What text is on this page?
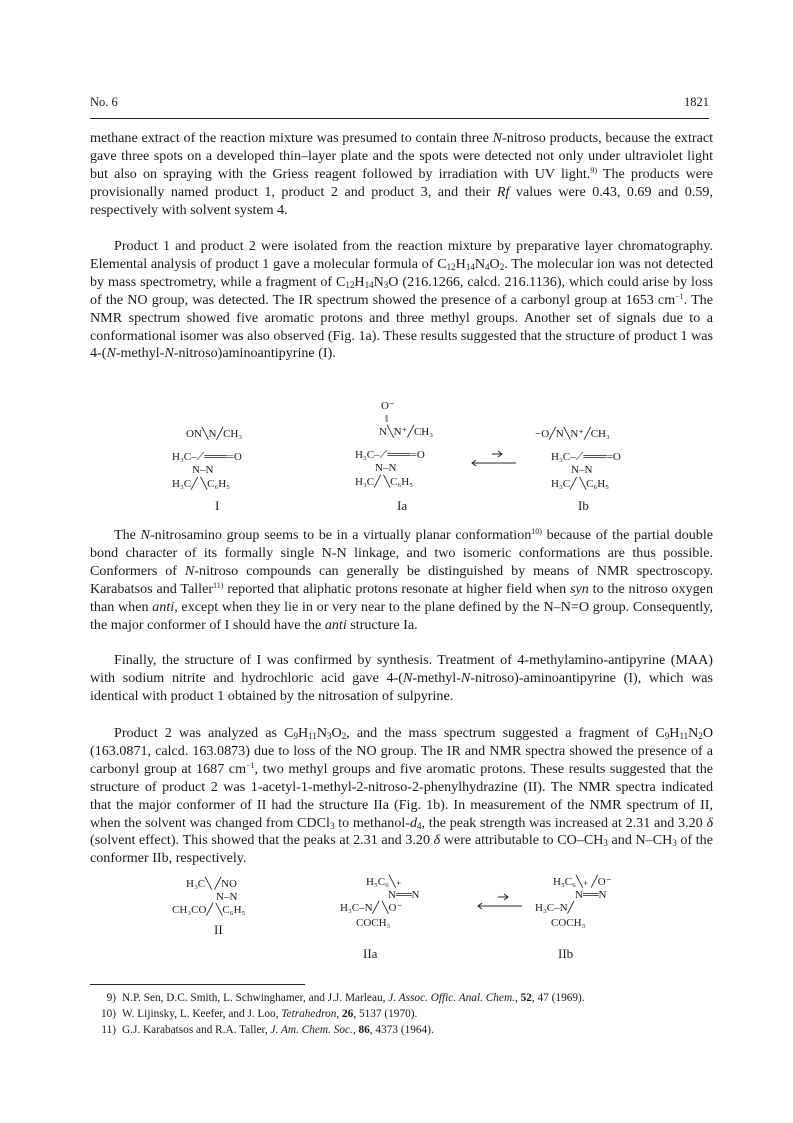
No. 6	1821

methane extract of the reaction mixture was presumed to contain three N-nitroso products, because the extract gave three spots on a developed thin–layer plate and the spots were detected not only under ultraviolet light but also on spraying with the Griess reagent followed by irradiation with UV light.$^{9)}$ The products were provisionally named product 1, product 2 and product 3, and their Rf values were 0.43, 0.69 and 0.59, respectively with solvent system 4.

Product 1 and product 2 were isolated from the reaction mixture by preparative layer chromatography. Elemental analysis of product 1 gave a molecular formula of $C_{12}H_{14}N_4O_2$. The molecular ion was not detected by mass spectrometry, while a fragment of $C_{12}H_{14}N_3O$ (216.1266, calcd. 216.1136), which could arise by loss of the NO group, was detected. The IR spectrum showed the presence of a carbonyl group at 1653 $cm^{-1}$. The NMR spectrum showed five aromatic protons and three methyl groups. Another set of signals due to a conformational isomer was also observed (Fig. 1a). These results suggested that the structure of product 1 was 4-(N-methyl-N-nitroso)aminoantipyrine (I).

ON╲N╱CH₃
H₃C–⟋═══=O
N–N
H₃C╱ ╲C₆H₅
I
O⁻
‖
N╲N⁺╱CH₃
H₃C–⟋═══=O
N–N
H₃C╱ ╲C₆H₅
Ia
−O╱N╲N⁺╱CH₃
H₃C–⟋═══=O
N–N
H₃C╱ ╲C₆H₅
Ib

The N-nitrosamino group seems to be in a virtually planar conformation$^{10)}$ because of the partial double bond character of its formally single N-N linkage, and two isomeric conformations are thus possible. Conformers of N-nitroso compounds can generally be distinguished by means of NMR spectroscopy. Karabatsos and Taller$^{11)}$ reported that aliphatic protons resonate at higher field when syn to the nitroso oxygen than when anti, except when they lie in or very near to the plane defined by the N–N=O group. Consequently, the major conformer of I should have the anti structure Ia.

Finally, the structure of I was confirmed by synthesis. Treatment of 4-methylamino-antipyrine (MAA) with sodium nitrite and hydrochloric acid gave 4-(N-methyl-N-nitroso)-aminoantipyrine (I), which was identical with product 1 obtained by the nitrosation of sulpyrine.

Product 2 was analyzed as $C_9H_{11}N_3O_2$, and the mass spectrum suggested a fragment of $C_9H_{11}N_2O$ (163.0871, calcd. 163.0873) due to loss of the NO group. The IR and NMR spectra showed the presence of a carbonyl group at 1687 $cm^{-1}$, two methyl groups and five aromatic protons. These results suggested that the structure of product 2 was 1-acetyl-1-methyl-2-nitroso-2-phenylhydrazine (II). The NMR spectra indicated that the major conformer of II had the structure IIa (Fig. 1b). In measurement of the NMR spectrum of II, when the solvent was changed from CDCl$_3$ to methanol-$d_4$, the peak strength was increased at 2.31 and 3.20 δ (solvent effect). This showed that the peaks at 2.31 and 3.20 δ were attributable to $CO-CH_3$ and $N-CH_3$ of the conformer IIb, respectively.

H₃C╲ ╱NO
N–N
CH₃CO╱ ╲C₆H₅
II
H₅C₆╲₊
N══N
H₃C–N╱ ╲O⁻
COCH₃
IIa
H₅C₆╲₊ ╱O⁻
N══N
H₃C–N╱
COCH₃
IIb
9) N.P. Sen, D.C. Smith, L. Schwinghamer, and J.J. Marleau, J. Assoc. Offic. Anal. Chem., 52, 47 (1969).
10) W. Lijinsky, L. Keefer, and J. Loo, Tetrahedron, 26, 5137 (1970).
11) G.J. Karabatsos and R.A. Taller, J. Am. Chem. Soc., 86, 4373 (1964).
